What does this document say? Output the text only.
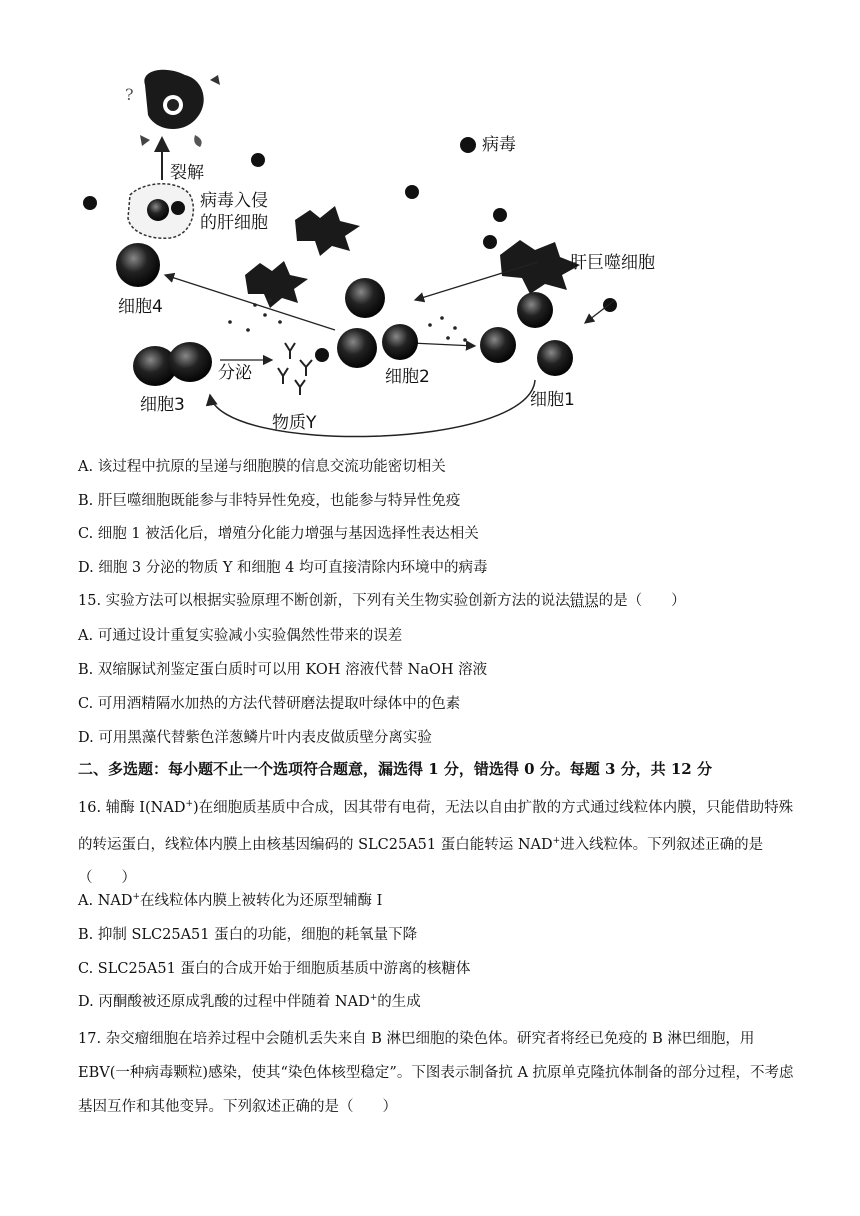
?
裂解
病毒入侵
的肝细胞
病毒
肝巨噬细胞
细胞4
细胞2
细胞1
细胞3
分泌
物质Y
A. 该过程中抗原的呈递与细胞膜的信息交流功能密切相关
B. 肝巨噬细胞既能参与非特异性免疫，也能参与特异性免疫
C. 细胞 1 被活化后，增殖分化能力增强与基因选择性表达相关
D. 细胞 3 分泌的物质 Y 和细胞 4 均可直接清除内环境中的病毒
15. 实验方法可以根据实验原理不断创新，下列有关生物实验创新方法的说法错误的是（　　）
A. 可通过设计重复实验减小实验偶然性带来的误差
B. 双缩脲试剂鉴定蛋白质时可以用 KOH 溶液代替 NaOH 溶液
C. 可用酒精隔水加热的方法代替研磨法提取叶绿体中的色素
D. 可用黑藻代替紫色洋葱鳞片叶内表皮做质壁分离实验
二、多选题：每小题不止一个选项符合题意，漏选得 1 分，错选得 0 分。每题 3 分，共 12 分
16. 辅酶 I(NAD+)在细胞质基质中合成，因其带有电荷，无法以自由扩散的方式通过线粒体内膜，只能借助特殊的转运蛋白，线粒体内膜上由核基因编码的 SLC25A51 蛋白能转运 NAD+进入线粒体。下列叙述正确的是（　　）
A. NAD+在线粒体内膜上被转化为还原型辅酶 I
B. 抑制 SLC25A51 蛋白的功能，细胞的耗氧量下降
C. SLC25A51 蛋白的合成开始于细胞质基质中游离的核糖体
D. 丙酮酸被还原成乳酸的过程中伴随着 NAD+的生成
17. 杂交瘤细胞在培养过程中会随机丢失来自 B 淋巴细胞的染色体。研究者将经已免疫的 B 淋巴细胞，用 EBV(一种病毒颗粒)感染，使其“染色体核型稳定”。下图表示制备抗 A 抗原单克隆抗体制备的部分过程，不考虑基因互作和其他变异。下列叙述正确的是（　　）
